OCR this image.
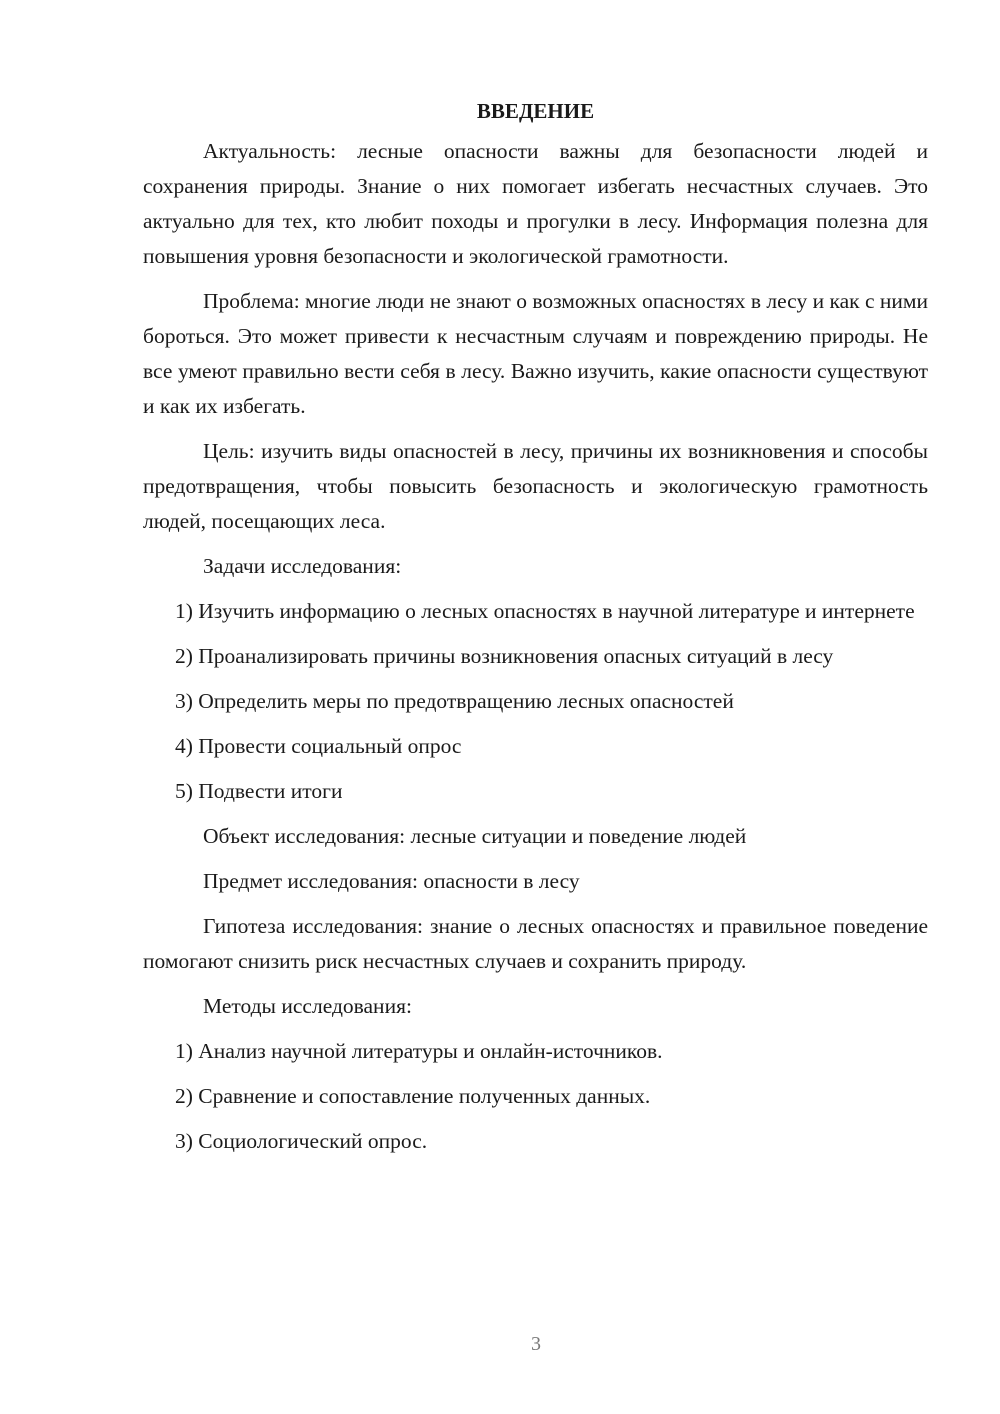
ВВЕДЕНИЕ

Актуальность: лесные опасности важны для безопасности людей и сохранения природы. Знание о них помогает избегать несчастных случаев. Это актуально для тех, кто любит походы и прогулки в лесу. Информация полезна для повышения уровня безопасности и экологической грамотности.

Проблема: многие люди не знают о возможных опасностях в лесу и как с ними бороться. Это может привести к несчастным случаям и повреждению природы. Не все умеют правильно вести себя в лесу. Важно изучить, какие опасности существуют и как их избегать.

Цель: изучить виды опасностей в лесу, причины их возникновения и способы предотвращения, чтобы повысить безопасность и экологическую грамотность людей, посещающих леса.

Задачи исследования:

1) Изучить информацию о лесных опасностях в научной литературе и интернете

2) Проанализировать причины возникновения опасных ситуаций в лесу

3) Определить меры по предотвращению лесных опасностей

4) Провести социальный опрос

5) Подвести итоги

Объект исследования: лесные ситуации и поведение людей

Предмет исследования: опасности в лесу

Гипотеза исследования: знание о лесных опасностях и правильное поведение помогают снизить риск несчастных случаев и сохранить природу.

Методы исследования:

1) Анализ научной литературы и онлайн-источников.

2) Сравнение и сопоставление полученных данных.

3) Социологический опрос.

3
